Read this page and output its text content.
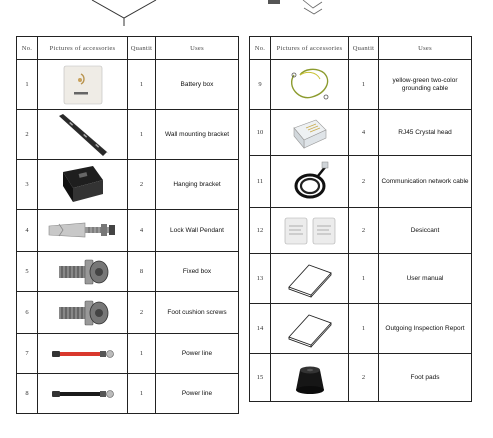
No.	Pictures of accessories	Quantit	Uses
1		1	Battery box
2		1	Wall mounting bracket
3		2	Hanging bracket
4		4	Lock Wall Pendant
5		8	Fixed box
6		2	Foot cushion screws
7		1	Power line
8		1	Power line
No.	Pictures of accessories	Quantit	Uses
9		1	yellow-green two-color grounding cable
10		4	RJ45 Crystal head
11		2	Communication network cable
12		2	Desiccant
13		1	User manual
14		1	Outgoing Inspection Report
15		2	Foot pads
